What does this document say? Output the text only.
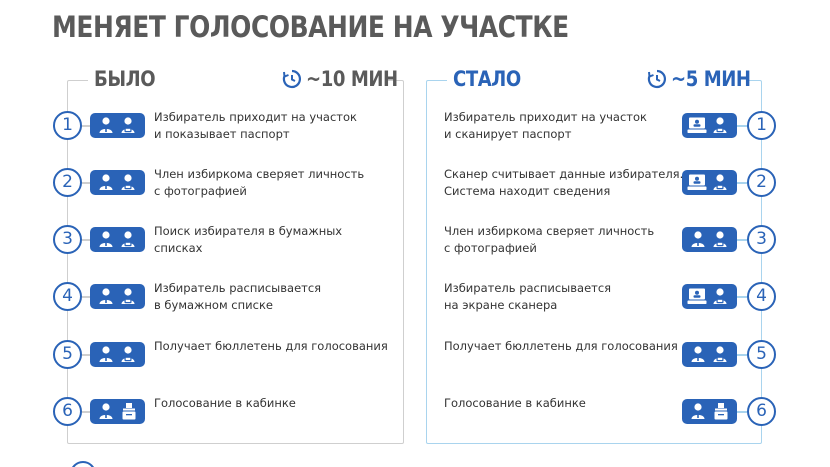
МЕНЯЕТ ГОЛОСОВАНИЕ НА УЧАСТКЕ
БЫЛО	~10 МИН	СТАЛО	~5 МИН
1	Избиратель приходит на участок
и показывает паспорт
2	Член избиркома сверяет личность
с фотографией
3	Поиск избирателя в бумажных
списках
4	Избиратель расписывается
в бумажном списке
5	Получает бюллетень для голосования
6	Голосование в кабинке
1
Избиратель приходит на участок
и сканирует паспорт
2
Сканер считывает данные избирателя.
Система находит сведения
3
Член избиркома сверяет личность
с фотографией
4
Избиратель расписывается
на экране сканера
5
Получает бюллетень для голосования
6
Голосование в кабинке
